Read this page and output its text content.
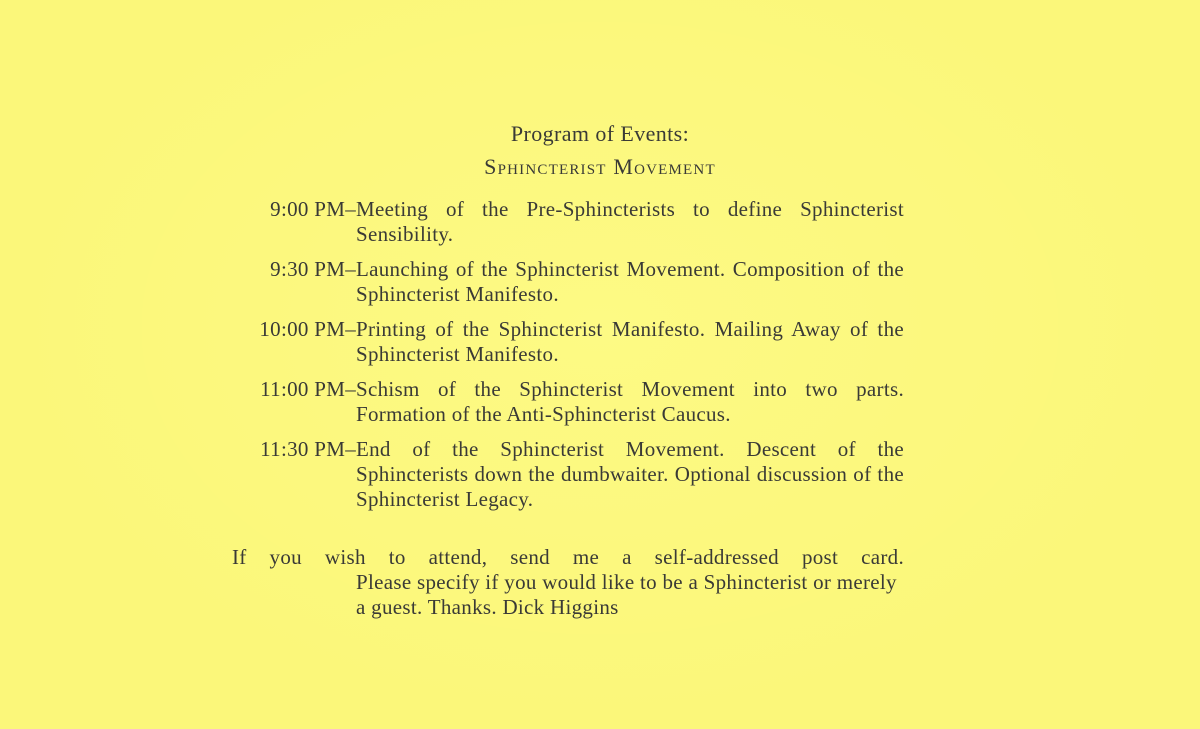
Program of Events:
Sphincterist Movement
9:00 PM– Meeting of the Pre-Sphincterists to define Sphincterist Sensibility.
9:30 PM– Launching of the Sphincterist Movement. Composition of the Sphincterist Manifesto.
10:00 PM– Printing of the Sphincterist Manifesto. Mailing Away of the Sphincterist Manifesto.
11:00 PM– Schism of the Sphincterist Movement into two parts. Formation of the Anti-Sphincterist Caucus.
11:30 PM– End of the Sphincterist Movement. Descent of the Sphincterists down the dumbwaiter. Optional discussion of the Sphincterist Legacy.
If you wish to attend, send me a self-addressed post card.
Please specify if you would like to be a Sphincterist or merely a guest. Thanks. Dick Higgins
